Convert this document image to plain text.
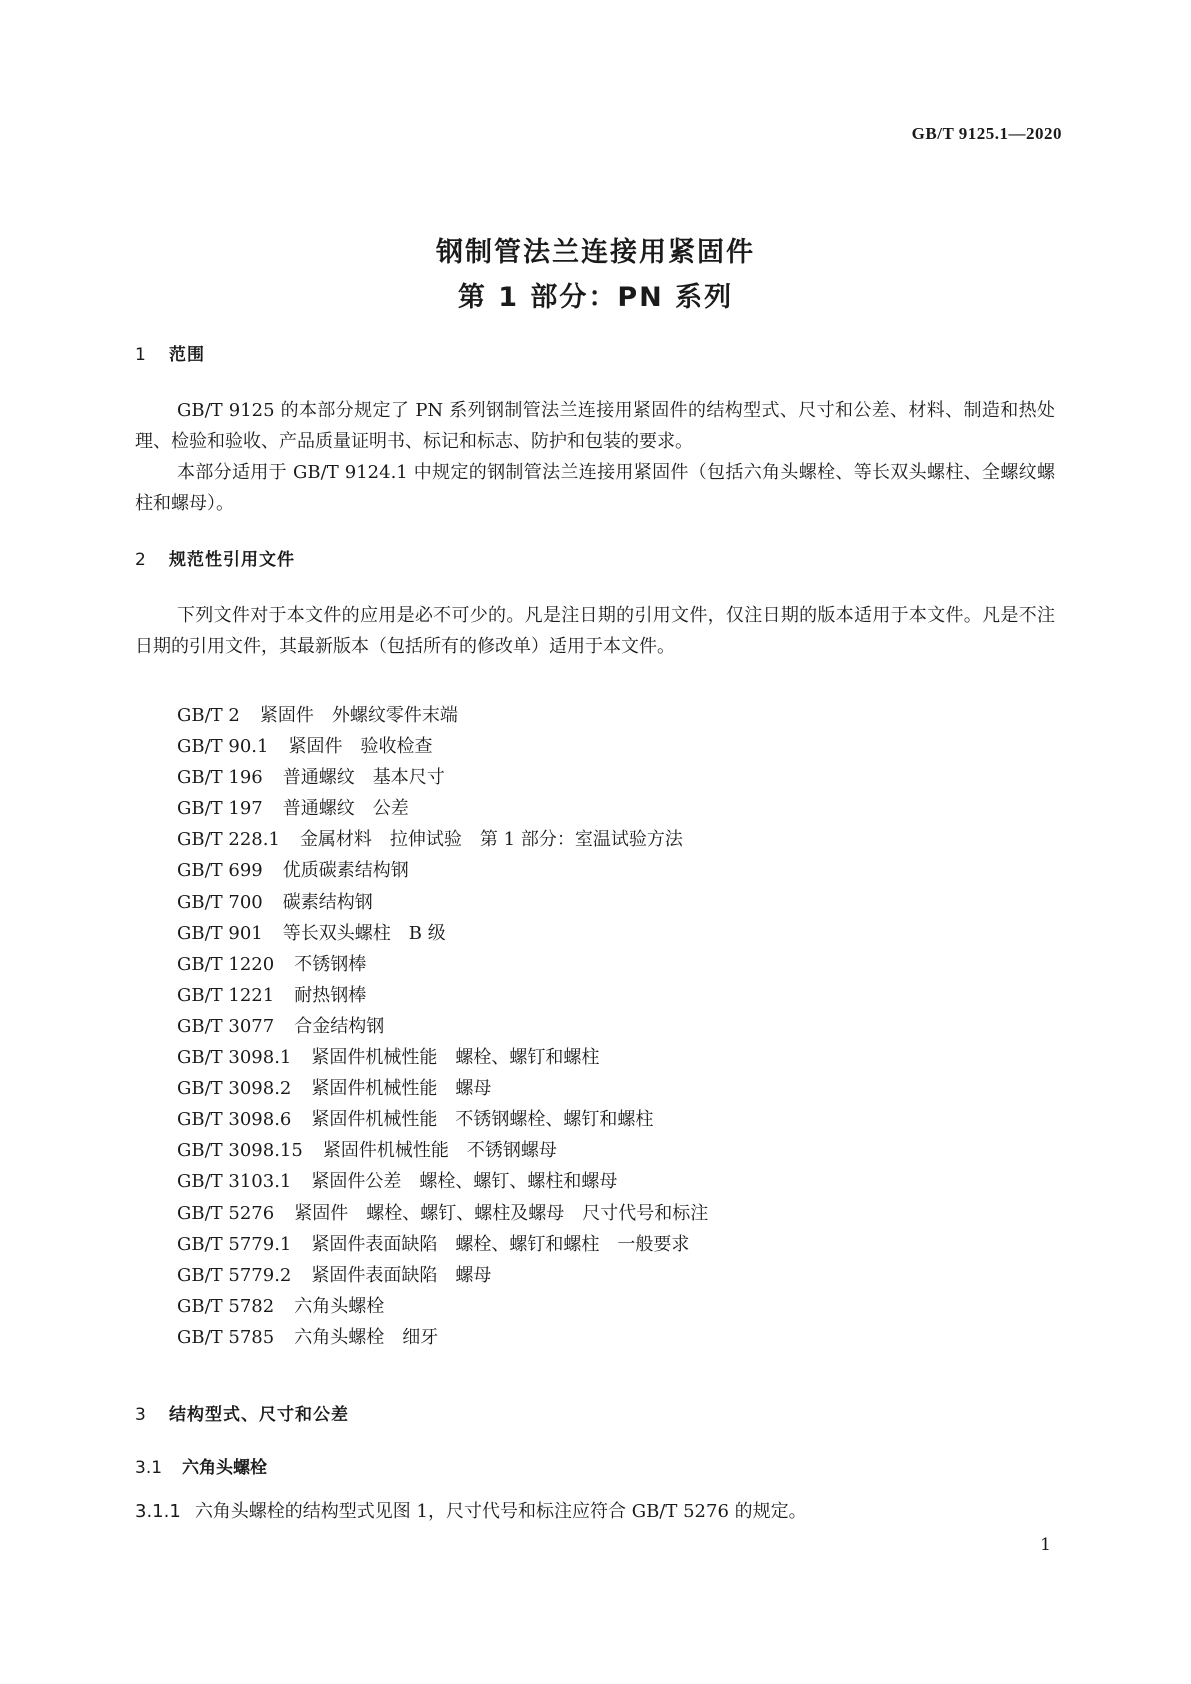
GB/T 9125.1—2020
钢制管法兰连接用紧固件
第 1 部分：PN 系列
1 范围
GB/T 9125 的本部分规定了 PN 系列钢制管法兰连接用紧固件的结构型式、尺寸和公差、材料、制造和热处理、检验和验收、产品质量证明书、标记和标志、防护和包装的要求。
本部分适用于 GB/T 9124.1 中规定的钢制管法兰连接用紧固件（包括六角头螺栓、等长双头螺柱、全螺纹螺柱和螺母）。
2 规范性引用文件
下列文件对于本文件的应用是必不可少的。凡是注日期的引用文件，仅注日期的版本适用于本文件。凡是不注日期的引用文件，其最新版本（包括所有的修改单）适用于本文件。
GB/T 2 紧固件　外螺纹零件末端
GB/T 90.1 紧固件　验收检查
GB/T 196 普通螺纹　基本尺寸
GB/T 197 普通螺纹　公差
GB/T 228.1 金属材料　拉伸试验　第 1 部分：室温试验方法
GB/T 699 优质碳素结构钢
GB/T 700 碳素结构钢
GB/T 901 等长双头螺柱　B 级
GB/T 1220 不锈钢棒
GB/T 1221 耐热钢棒
GB/T 3077 合金结构钢
GB/T 3098.1 紧固件机械性能　螺栓、螺钉和螺柱
GB/T 3098.2 紧固件机械性能　螺母
GB/T 3098.6 紧固件机械性能　不锈钢螺栓、螺钉和螺柱
GB/T 3098.15 紧固件机械性能　不锈钢螺母
GB/T 3103.1 紧固件公差　螺栓、螺钉、螺柱和螺母
GB/T 5276 紧固件　螺栓、螺钉、螺柱及螺母　尺寸代号和标注
GB/T 5779.1 紧固件表面缺陷　螺栓、螺钉和螺柱　一般要求
GB/T 5779.2 紧固件表面缺陷　螺母
GB/T 5782 六角头螺栓
GB/T 5785 六角头螺栓　细牙
3 结构型式、尺寸和公差
3.1 六角头螺栓
3.1.1 六角头螺栓的结构型式见图 1，尺寸代号和标注应符合 GB/T 5276 的规定。
1
